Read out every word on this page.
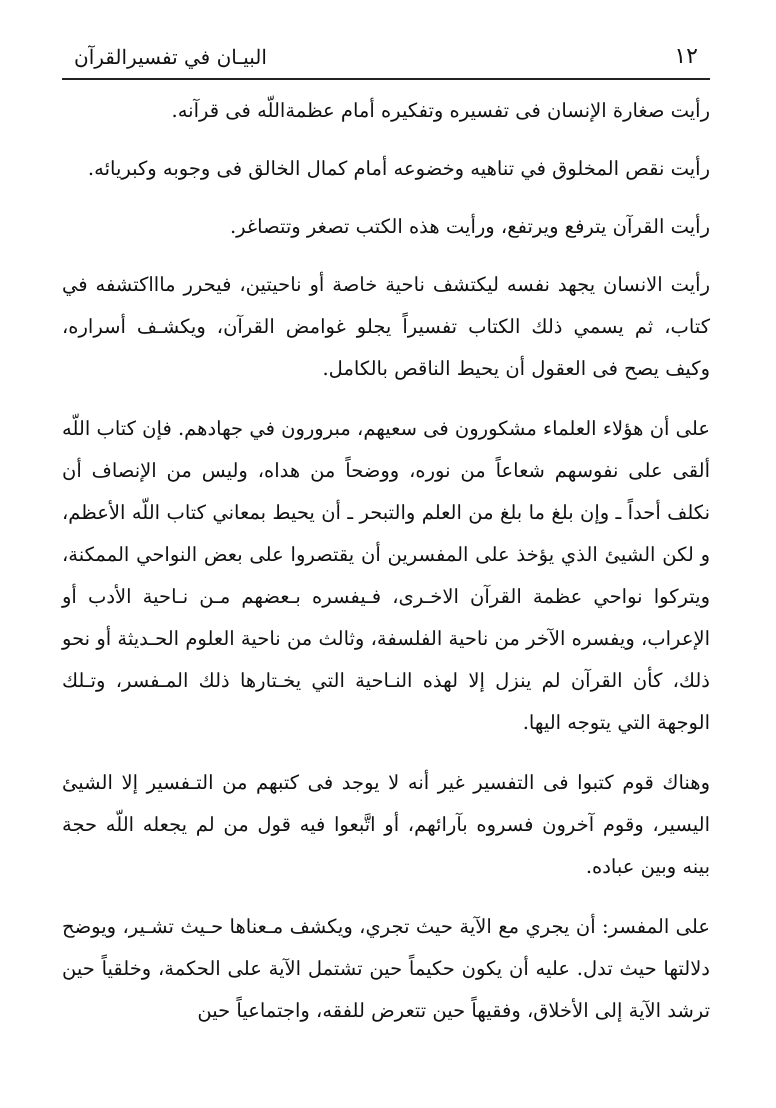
١٢
البيـان في تفسيرالقرآن

رأيت صغارة الإنسان فى تفسيره وتفكيره أمام عظمةاللّه فى قرآنه.

رأيت نقص المخلوق في تناهيه وخضوعه أمام كمال الخالق فى وجوبه وكبريائه.

رأيت القرآن يترفع ويرتفع، ورأيت هذه الكتب تصغر وتتصاغر.

رأيت الانسان يجهد نفسه ليكتشف ناحية خاصة أو ناحيتين، فيحرر ماااكتشفه في كتاب، ثم يسمي ذلك الكتاب تفسيراً يجلو غوامض القرآن، ويكشـف أسراره، وكيف يصح فى العقول أن يحيط الناقص بالكامل.

على أن هؤلاء العلماء مشكورون فى سعيهم، مبرورون في جهادهم. فإن كتاب اللّه ألقى على نفوسهم شعاعاً من نوره، ووضحاً من هداه، وليس من الإنصاف أن نكلف أحداً ـ وإن بلغ ما بلغ من العلم والتبحر ـ أن يحيط بمعاني كتاب اللّه الأعظم، و لكن الشيئ الذي يؤخذ على المفسرين أن يقتصروا على بعض النواحي الممكنة، ويتركوا نواحي عظمة القرآن الاخـرى، فـيفسره بـعضهم مـن نـاحية الأدب أو الإعراب، ويفسره الآخر من ناحية الفلسفة، وثالث من ناحية العلوم الحـديثة أو نحو ذلك، كأن القرآن لم ينزل إلا لهذه النـاحية التي يخـتارها ذلك المـفسر، وتـلك الوجهة التي يتوجه اليها.

وهناك قوم كتبوا فى التفسير غير أنه لا يوجد فى كتبهم من التـفسير إلا الشيئ اليسير، وقوم آخرون فسروه بآرائهم، أو اتَّبعوا فيه قول من لم يجعله اللّه حجة بينه وبين عباده.

على المفسر: أن يجري مع الآية حيث تجري، ويكشف مـعناها حـيث تشـير، ويوضح دلالتها حيث تدل. عليه أن يكون حكيماً حين تشتمل الآية على الحكمة، وخلقياً حين ترشد الآية إلى الأخلاق، وفقيهاً حين تتعرض للفقه، واجتماعياً حين
